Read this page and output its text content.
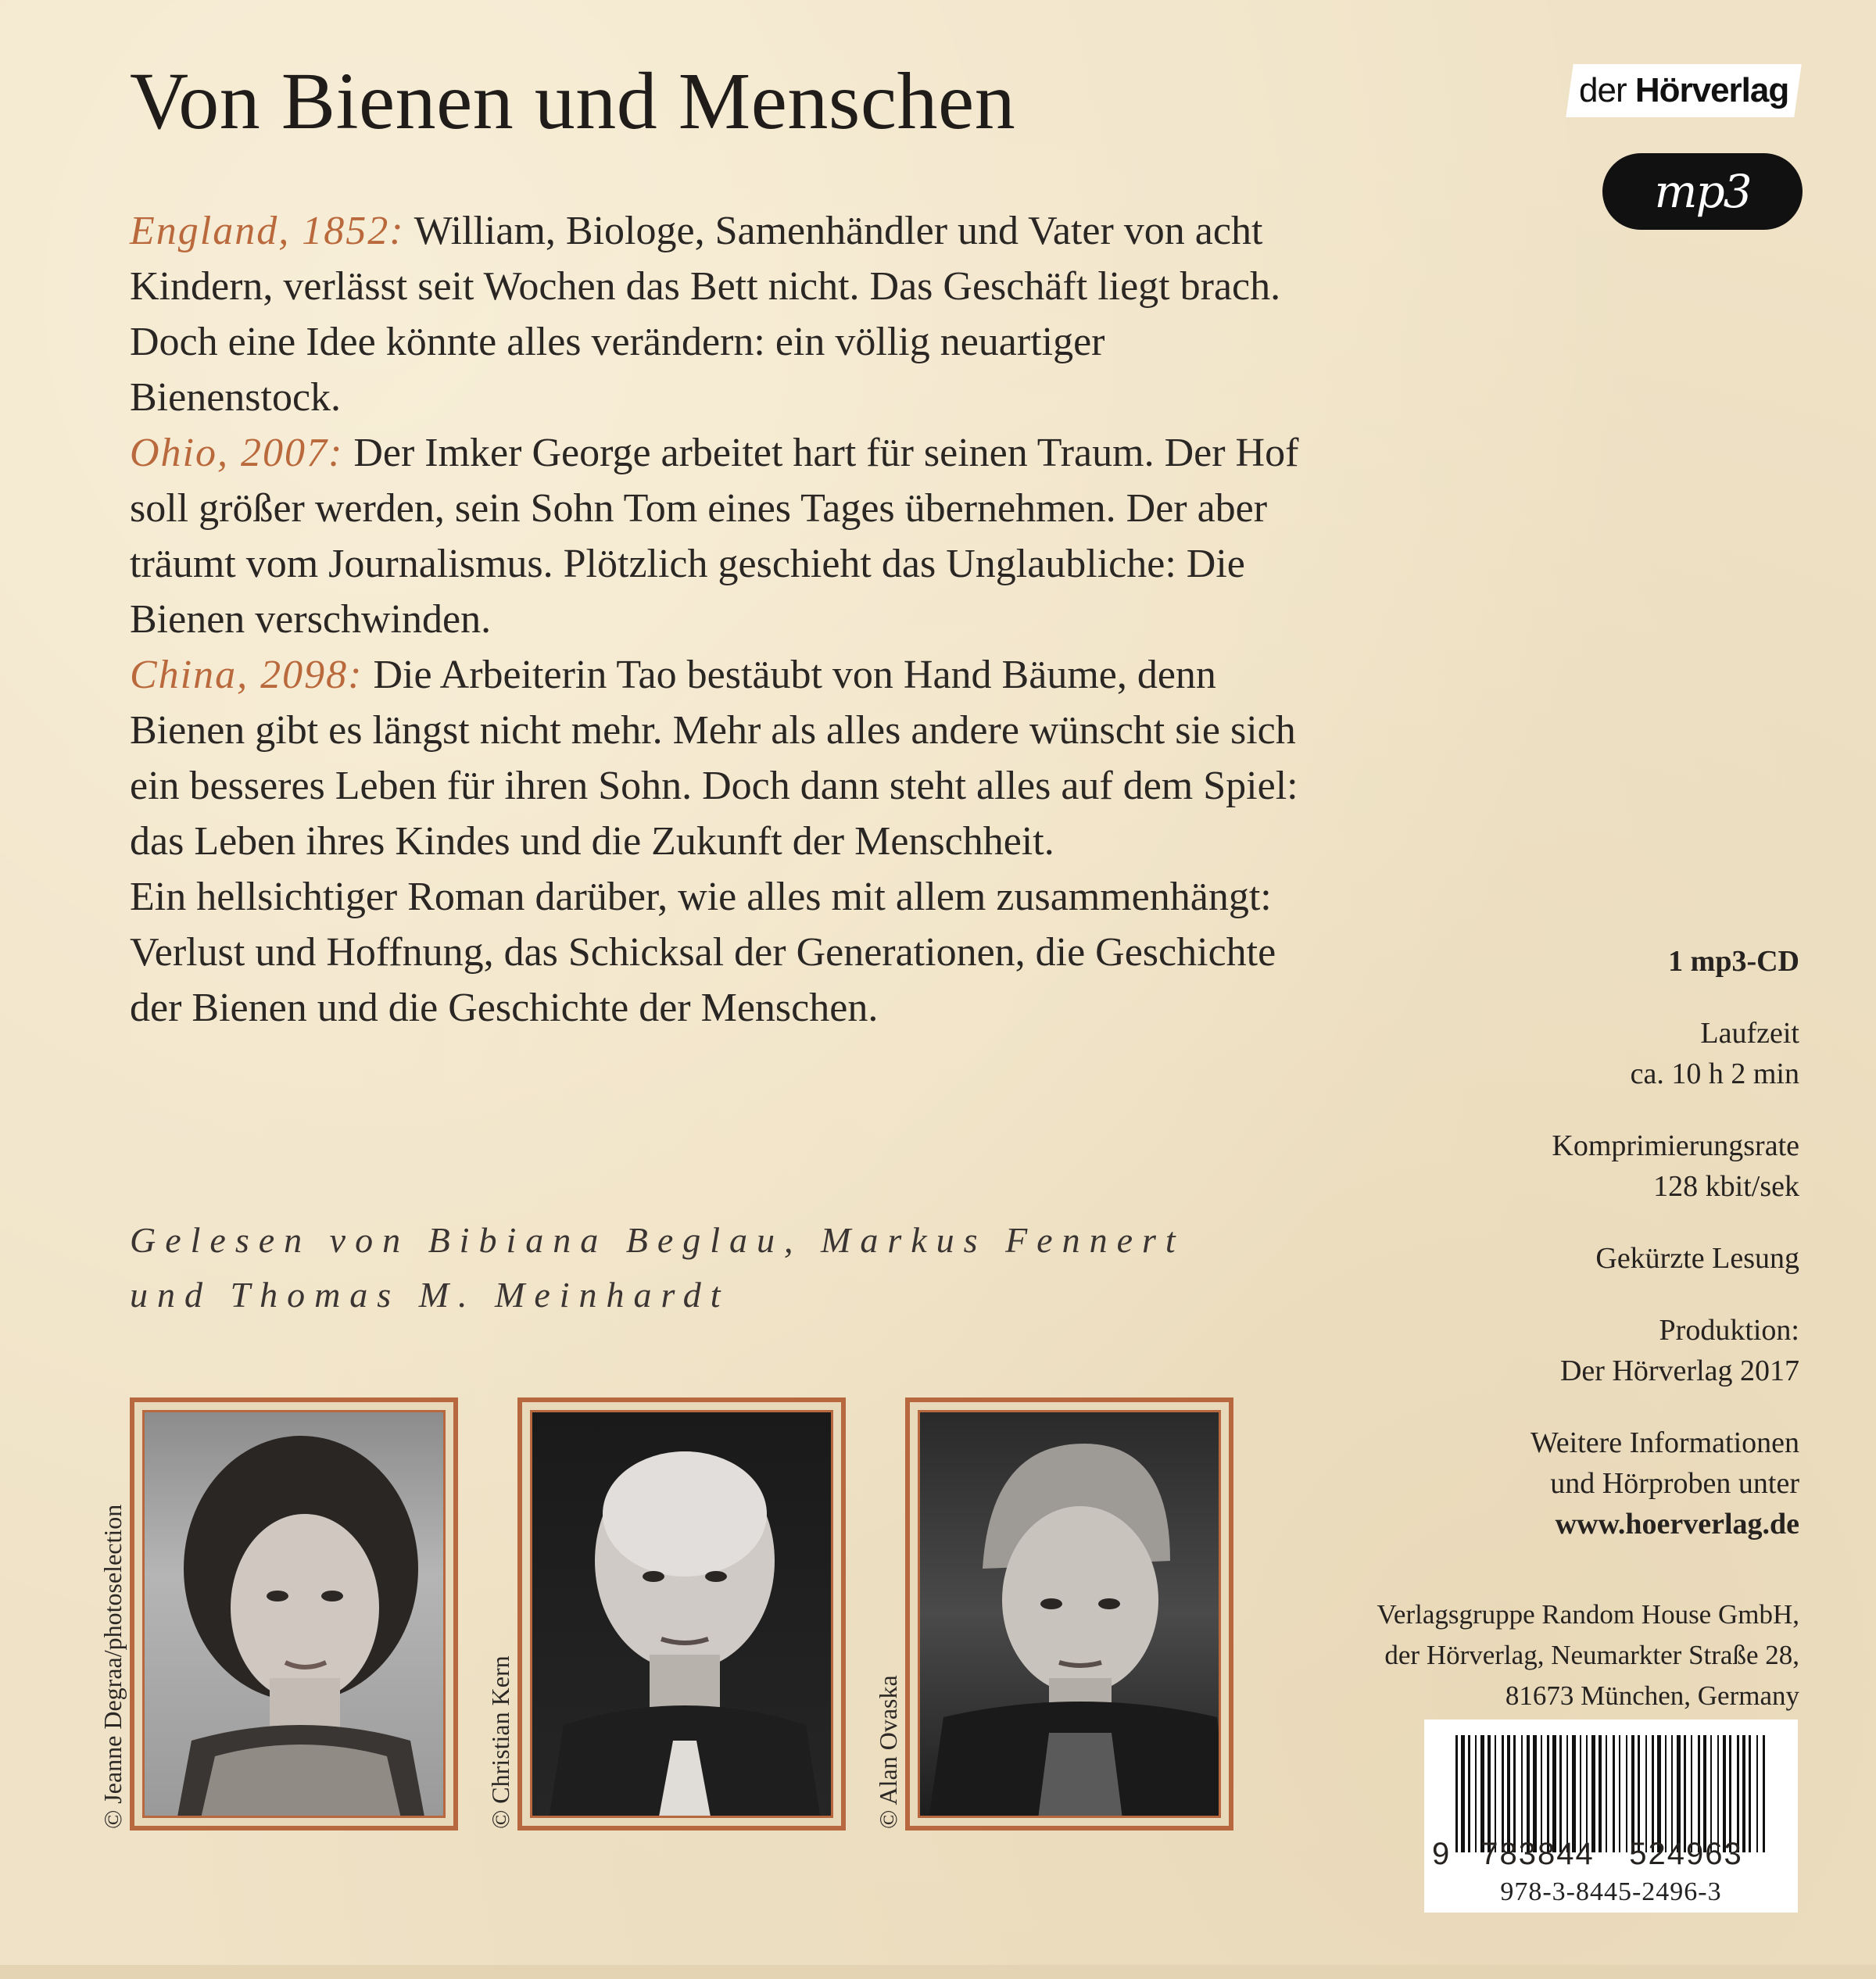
Von Bienen und Menschen	der Hörverlag
mp3

England, 1852: William, Biologe, Samenhändler und Vater von acht Kindern, verlässt seit Wochen das Bett nicht. Das Geschäft liegt brach. Doch eine Idee könnte alles verändern: ein völlig neuartiger Bienenstock.

Ohio, 2007: Der Imker George arbeitet hart für seinen Traum. Der Hof soll größer werden, sein Sohn Tom eines Tages übernehmen. Der aber träumt vom Journalismus. Plötzlich geschieht das Unglaubliche: Die Bienen verschwinden.

China, 2098: Die Arbeiterin Tao bestäubt von Hand Bäume, denn Bienen gibt es längst nicht mehr. Mehr als alles andere wünscht sie sich ein besseres Leben für ihren Sohn. Doch dann steht alles auf dem Spiel: das Leben ihres Kindes und die Zukunft der Menschheit.

Ein hellsichtiger Roman darüber, wie alles mit allem zusammenhängt: Verlust und Hoffnung, das Schicksal der Generationen, die Geschichte der Bienen und die Geschichte der Menschen.

Gelesen von Bibiana Beglau, Markus Fennert
und Thomas M. Meinhardt
© Jeanne Degraa/photoselection	© Christian Kern	© Alan Ovaska
1 mp3-CD
Laufzeit
ca. 10 h 2 min
Komprimierungsrate
128 kbit/sek
Gekürzte Lesung
Produktion:
Der Hörverlag 2017
Weitere Informationen
und Hörproben unter
www.hoerverlag.de
Verlagsgruppe Random House GmbH,
der Hörverlag, Neumarkter Straße 28,
81673 München, Germany
9	783844	524963
978-3-8445-2496-3
